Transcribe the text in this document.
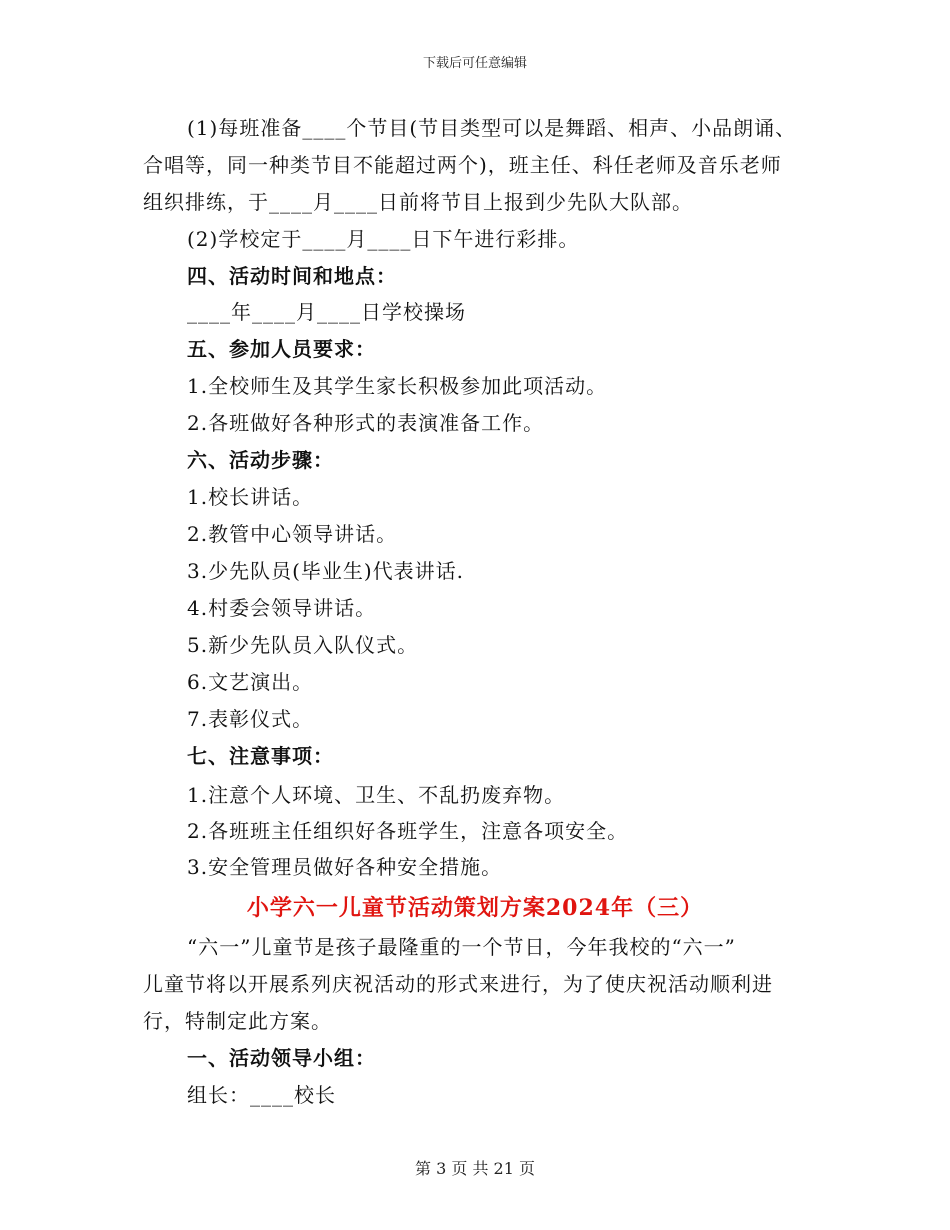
下载后可任意编辑
(1)每班准备____个节目(节目类型可以是舞蹈、相声、小品朗诵、
合唱等，同一种类节目不能超过两个)，班主任、科任老师及音乐老师
组织排练，于____月____日前将节目上报到少先队大队部。
(2)学校定于____月____日下午进行彩排。
四、活动时间和地点：
____年____月____日学校操场
五、参加人员要求：
1.全校师生及其学生家长积极参加此项活动。
2.各班做好各种形式的表演准备工作。
六、活动步骤：
1.校长讲话。
2.教管中心领导讲话。
3.少先队员(毕业生)代表讲话.
4.村委会领导讲话。
5.新少先队员入队仪式。
6.文艺演出。
7.表彰仪式。
七、注意事项：
1.注意个人环境、卫生、不乱扔废弃物。
2.各班班主任组织好各班学生，注意各项安全。
3.安全管理员做好各种安全措施。
小学六一儿童节活动策划方案2024年（三）
“六一”儿童节是孩子最隆重的一个节日，今年我校的“六一”
儿童节将以开展系列庆祝活动的形式来进行，为了使庆祝活动顺利进
行，特制定此方案。
一、活动领导小组：
组长：____校长
第 3 页 共 21 页
